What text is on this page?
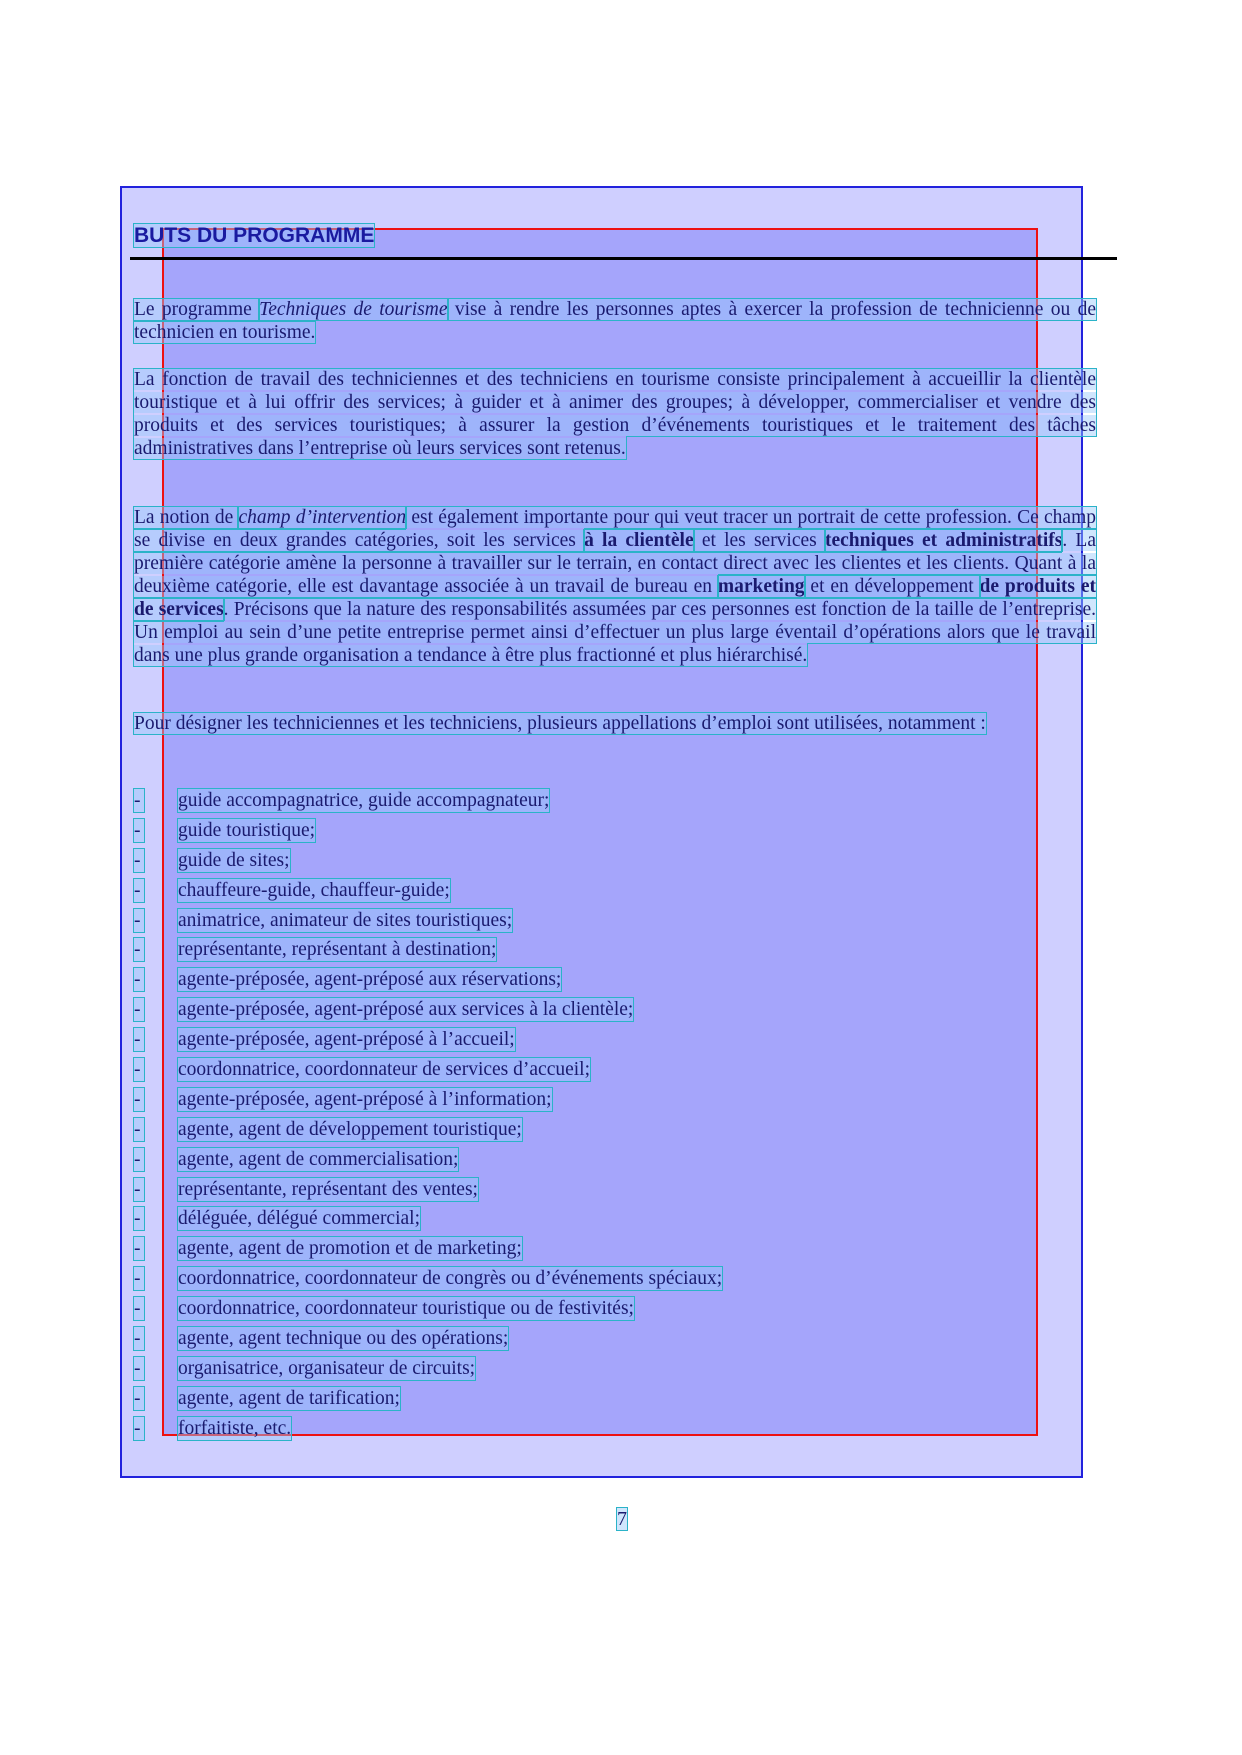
BUTS DU PROGRAMME

Le programme Techniques de tourisme vise à rendre les personnes aptes à exercer la profession de technicienne ou de technicien en tourisme.

La fonction de travail des techniciennes et des techniciens en tourisme consiste principalement à accueillir la clientèle touristique et à lui offrir des services; à guider et à animer des groupes; à développer, commercialiser et vendre des produits et des services touristiques; à assurer la gestion d’événements touristiques et le traitement des tâches administratives dans l’entreprise où leurs services sont retenus.

La notion de champ d’intervention est également importante pour qui veut tracer un portrait de cette profession. Ce champ se divise en deux grandes catégories, soit les services à la clientèle et les services techniques et administratifs. La première catégorie amène la personne à travailler sur le terrain, en contact direct avec les clientes et les clients. Quant à la deuxième catégorie, elle est davantage associée à un travail de bureau en marketing et en développement de produits et de services. Précisons que la nature des responsabilités assumées par ces personnes est fonction de la taille de l’entreprise. Un emploi au sein d’une petite entreprise permet ainsi d’effectuer un plus large éventail d’opérations alors que le travail dans une plus grande organisation a tendance à être plus fractionné et plus hiérarchisé.

Pour désigner les techniciennes et les techniciens, plusieurs appellations d’emploi sont utilisées, notamment :

- guide accompagnatrice, guide accompagnateur;
- guide touristique;
- guide de sites;
- chauffeure-guide, chauffeur-guide;
- animatrice, animateur de sites touristiques;
- représentante, représentant à destination;
- agente-préposée, agent-préposé aux réservations;
- agente-préposée, agent-préposé aux services à la clientèle;
- agente-préposée, agent-préposé à l’accueil;
- coordonnatrice, coordonnateur de services d’accueil;
- agente-préposée, agent-préposé à l’information;
- agente, agent de développement touristique;
- agente, agent de commercialisation;
- représentante, représentant des ventes;
- déléguée, délégué commercial;
- agente, agent de promotion et de marketing;
- coordonnatrice, coordonnateur de congrès ou d’événements spéciaux;
- coordonnatrice, coordonnateur touristique ou de festivités;
- agente, agent technique ou des opérations;
- organisatrice, organisateur de circuits;
- agente, agent de tarification;
- forfaitiste, etc.
7
